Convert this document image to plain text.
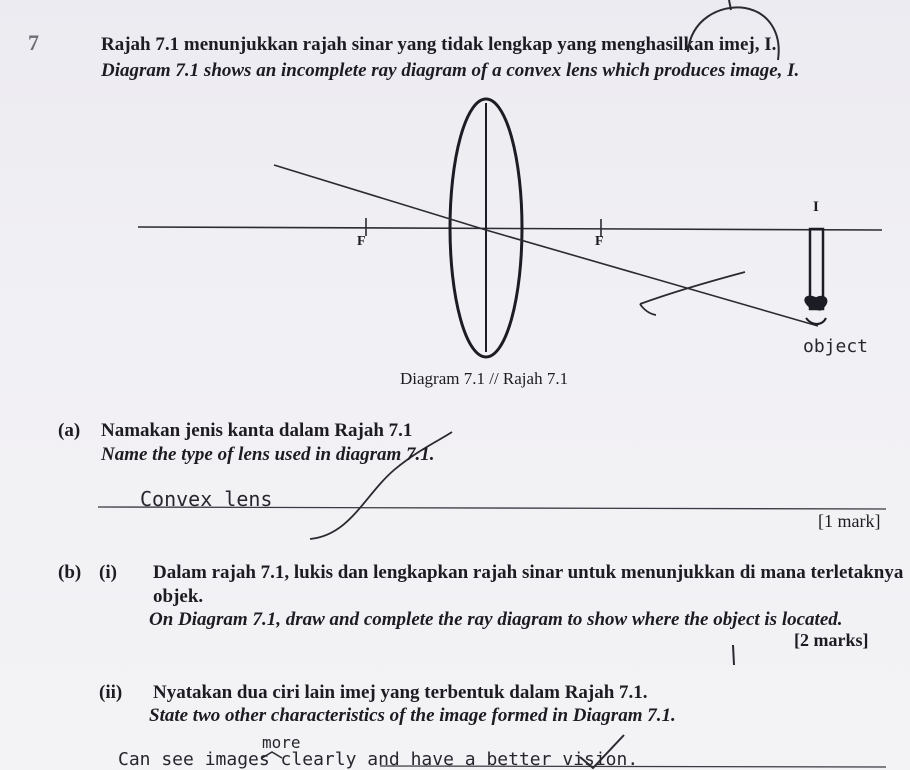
7	Rajah 7.1 menunjukkan rajah sinar yang tidak lengkap yang menghasilkan imej, I.
Diagram 7.1 shows an incomplete ray diagram of a convex lens which produces image, I.
F	F
I
object
Diagram 7.1 // Rajah 7.1
(a) Namakan jenis kanta dalam Rajah 7.1
Name the type of lens used in diagram 7.1.
Convex lens
[1 mark]
(b) (i) Dalam rajah 7.1, lukis dan lengkapkan rajah sinar untuk menunjukkan di mana terletaknya
objek.
On Diagram 7.1, draw and complete the ray diagram to show where the object is located.
[2 marks]
(ii) Nyatakan dua ciri lain imej yang terbentuk dalam Rajah 7.1.
State two other characteristics of the image formed in Diagram 7.1.
more
Can see images clearly and have a better vision.
